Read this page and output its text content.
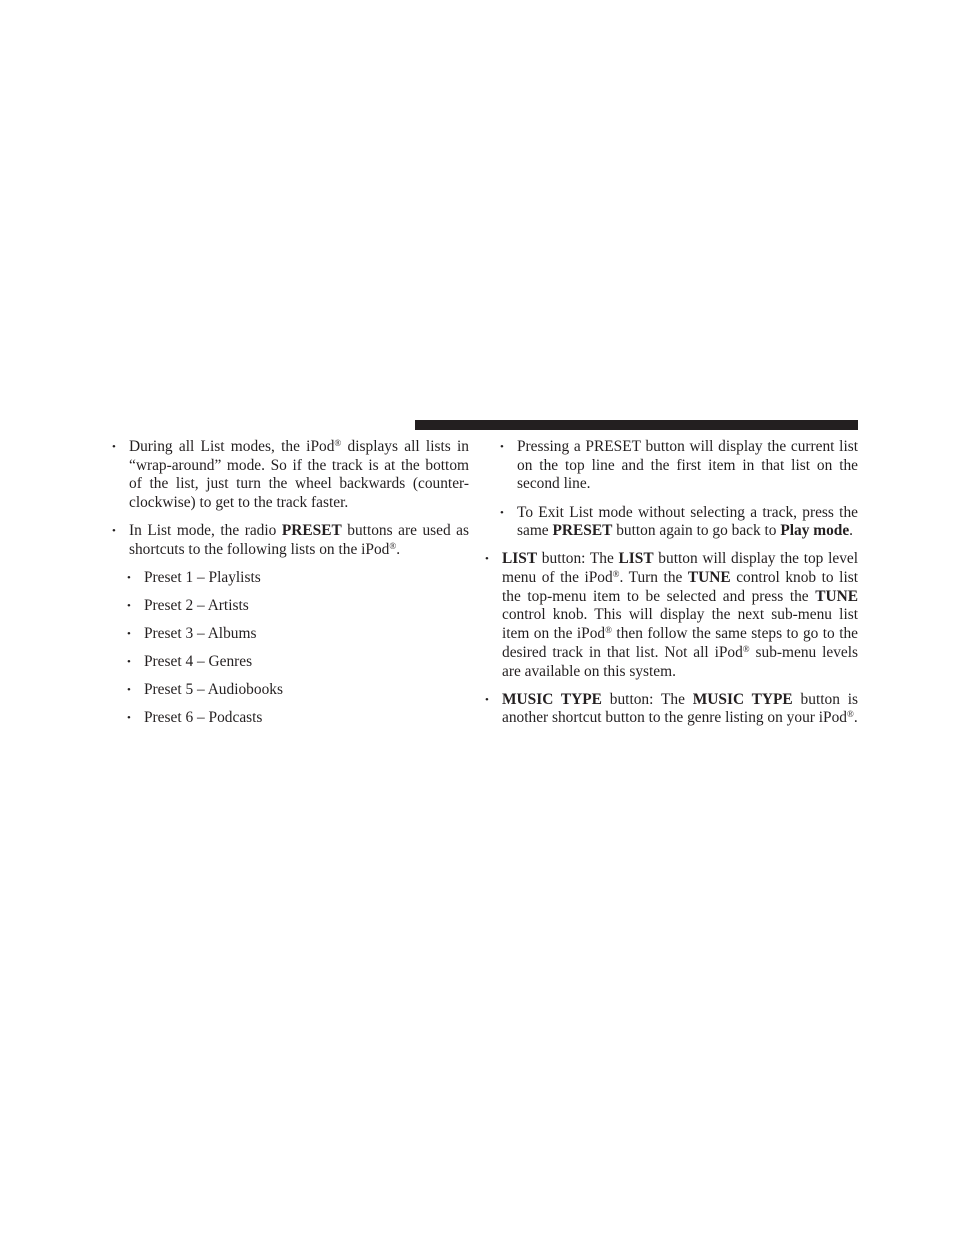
• During all List modes, the iPod® displays all lists in “wrap-around” mode. So if the track is at the bottom of the list, just turn the wheel backwards (counter-clockwise) to get to the track faster.
• In List mode, the radio PRESET buttons are used as shortcuts to the following lists on the iPod®.
• Preset 1 – Playlists
• Preset 2 – Artists
• Preset 3 – Albums
• Preset 4 – Genres
• Preset 5 – Audiobooks
• Preset 6 – Podcasts
• Pressing a PRESET button will display the current list on the top line and the first item in that list on the second line.
• To Exit List mode without selecting a track, press the same PRESET button again to go back to Play mode.
• LIST button: The LIST button will display the top level menu of the iPod®. Turn the TUNE control knob to list the top-menu item to be selected and press the TUNE control knob. This will display the next sub-menu list item on the iPod® then follow the same steps to go to the desired track in that list. Not all iPod® sub-menu levels are available on this system.
• MUSIC TYPE button: The MUSIC TYPE button is another shortcut button to the genre listing on your iPod®.
